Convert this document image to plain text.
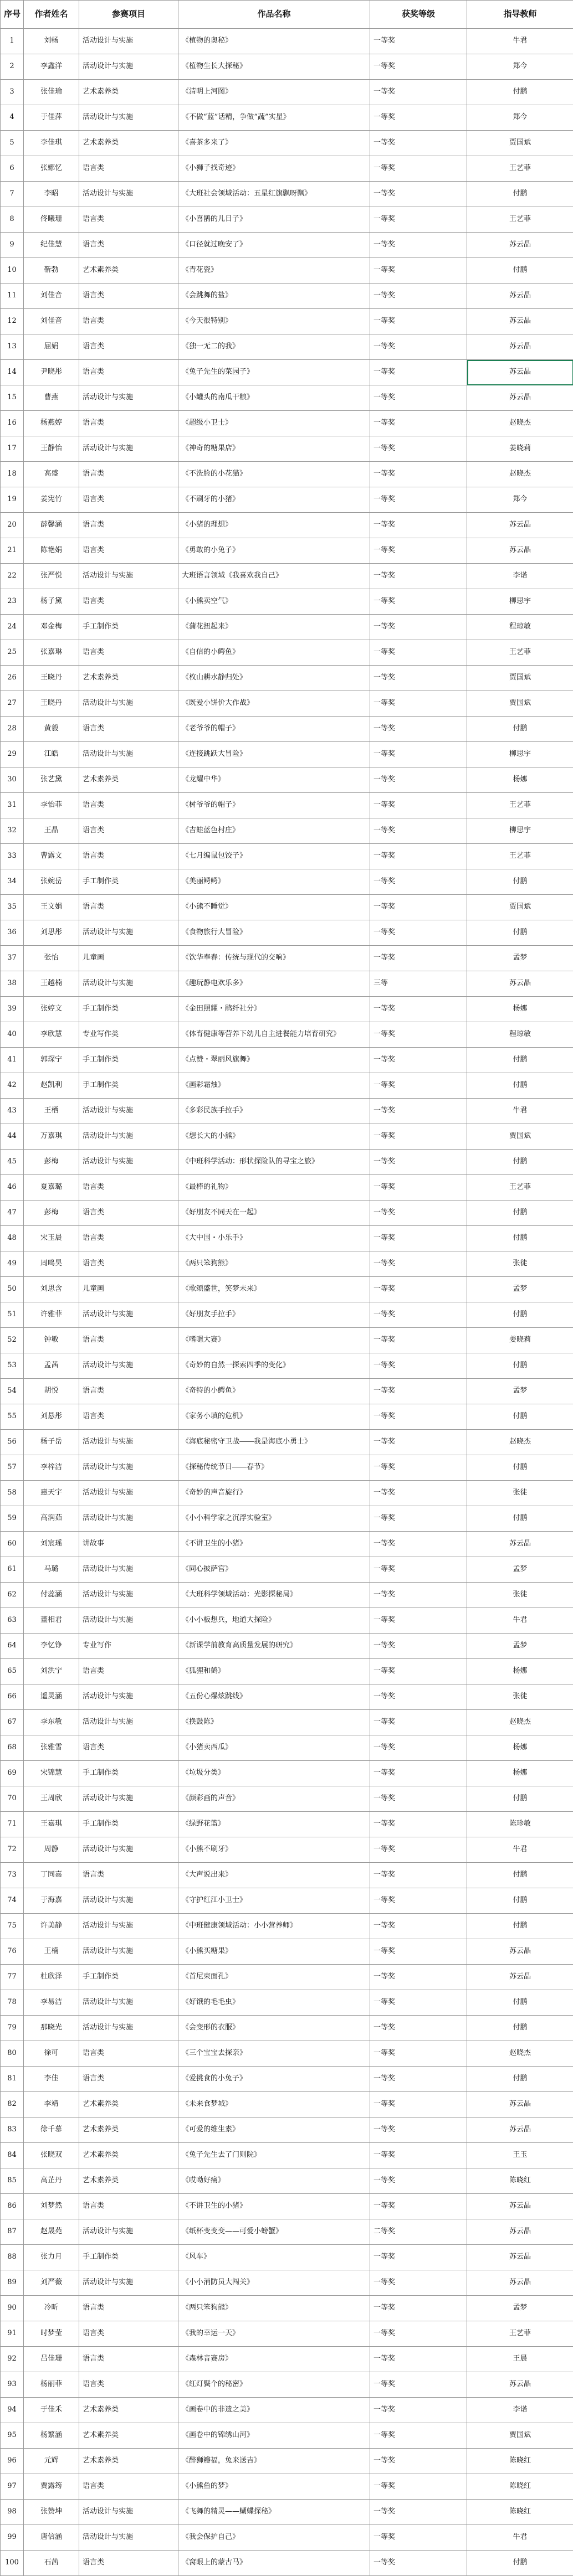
序号	作者姓名	参赛项目	作品名称	获奖等级	指导教师
1	刘畅	活动设计与实施	《植物的奥秘》	一等奖	牛君
2	李鑫洋	活动设计与实施	《植物生长大探秘》	一等奖	郑今
3	张佳瑜	艺术素养类	《清明上河图》	一等奖	付鹏
4	于佳萍	活动设计与实施	《不做“蓝”话精，争做“蔬”实星》	一等奖	郑今
5	李佳琪	艺术素养类	《喜茶多来了》	一等奖	贾国斌
6	张娜忆	语言类	《小狮子找奇迹》	一等奖	王艺菲
7	李昭	活动设计与实施	《大班社会领域活动：五星红旗飘呀飘》	一等奖	付鹏
8	佟曦珊	语言类	《小喜鹊的儿日子》	一等奖	王艺菲
9	纪佳慧	语言类	《口径就过晚安了》	一等奖	苏云晶
10	靳勃	艺术素养类	《青花瓷》	一等奖	付鹏
11	刘佳音	语言类	《会跳舞的盐》	一等奖	苏云晶
12	刘佳音	语言类	《今天很特别》	一等奖	苏云晶
13	屈娟	语言类	《独一无二的我》	一等奖	苏云晶
14	尹晓彤	语言类	《兔子先生的菜园子》	一等奖	苏云晶
15	曹燕	活动设计与实施	《小罐头的南瓜干粮》	一等奖	苏云晶
16	杨燕婷	语言类	《超级小卫士》	一等奖	赵晓杰
17	王静怡	活动设计与实施	《神奇的糖果店》	一等奖	姜晓莉
18	高盛	语言类	《不洗脸的小花猫》	一等奖	赵晓杰
19	姜宪竹	语言类	《不刷牙的小猪》	一等奖	郑今
20	薛馨涵	语言类	《小猪的理想》	一等奖	苏云晶
21	陈艳娟	语言类	《勇敢的小兔子》	一等奖	苏云晶
22	张严悦	活动设计与实施	大班语言领域《我喜欢我自己》	一等奖	李诺
23	杨子黛	语言类	《小熊卖空气》	一等奖	柳思宇
24	邓金梅	手工制作类	《蒲花扭起来》	一等奖	程琼敏
25	张嘉琳	语言类	《自信的小鳄鱼》	一等奖	王艺菲
26	王晓丹	艺术素养类	《枚山耕水静归处》	一等奖	贾国斌
27	王晓丹	活动设计与实施	《既爱小饼价大作战》	一等奖	贾国斌
28	黄毅	语言类	《老爷爷的帽子》	一等奖	付鹏
29	江皓	活动设计与实施	《连接跳跃大冒险》	一等奖	柳思宇
30	张艺黛	艺术素养类	《龙耀中华》	一等奖	杨娜
31	李怡菲	语言类	《树爷爷的帽子》	一等奖	王艺菲
32	王晶	语言类	《吉蛙蓝色村庄》	一等奖	柳思宇
33	曹露文	语言类	《七月编鼠包饺子》	一等奖	王艺菲
34	张婉岳	手工制作类	《美丽鳄鳄》	一等奖	付鹏
35	王文娟	语言类	《小熊不睡觉》	一等奖	贾国斌
36	刘思彤	活动设计与实施	《食物旅行大冒险》	一等奖	付鹏
37	张怡	儿童画	《饮华奉春：传统与现代的交响》	一等奖	孟梦
38	王越楠	活动设计与实施	《趣玩静电欢乐多》	三等	苏云晶
39	张婷文	手工制作类	《金田照耀・鹃纤社分》	一等奖	杨娜
40	李欣慧	专业写作类	《体育健康等营养下幼儿自主进餐能力培育研究》	一等奖	程琼敏
41	郭琛宁	手工制作类	《点赞・翠丽风旗舞》	一等奖	付鹏
42	赵凯利	手工制作类	《画彩霜烛》	一等奖	付鹏
43	王栖	活动设计与实施	《多彩民族手拉手》	一等奖	牛君
44	万嘉琪	活动设计与实施	《想长大的小熊》	一等奖	贾国斌
45	彭梅	活动设计与实施	《中班科学活动：形状探险队的寻宝之旅》	一等奖	付鹏
46	夏嘉璐	语言类	《最棒的礼物》	一等奖	王艺菲
47	彭梅	语言类	《好朋友不同天在一起》	一等奖	付鹏
48	宋玉晨	语言类	《大中国・小乐手》	一等奖	付鹏
49	周鸣昊	语言类	《两只笨狗熊》	一等奖	张徒
50	刘思含	儿童画	《歌颂盛世，笑梦未来》	一等奖	孟梦
51	许雅菲	活动设计与实施	《好朋友手拉手》	一等奖	付鹏
52	钟敏	语言类	《嗜嗯大赛》	一等奖	姜晓莉
53	孟茜	活动设计与实施	《奇妙的自然一探索四季的变化》	一等奖	付鹏
54	胡悦	语言类	《奇特的小鳄鱼》	一等奖	孟梦
55	刘悬彤	语言类	《家务小填的危机》	一等奖	付鹏
56	杨子岳	活动设计与实施	《海底秘密守卫战――我是海底小勇士》	一等奖	赵晓杰
57	李梓洁	活动设计与实施	《探秘传统节日――春节》	一等奖	付鹏
58	惠天宇	活动设计与实施	《奇妙的声音旋行》	一等奖	张徒
59	高润茹	活动设计与实施	《小小科学家之沉浮实验室》	一等奖	付鹏
60	刘宸瑶	讲故事	《不讲卫生的小猪》	一等奖	苏云晶
61	马璐	活动设计与实施	《同心披萨宫》	一等奖	孟梦
62	付蕊涵	活动设计与实施	《大班科学领域活动：光影探秘局》	一等奖	张徒
63	董相君	活动设计与实施	《小小板想兵，地道大探险》	一等奖	牛君
64	李忆铮	专业写作	《新课学前教育高质量发展的研究》	一等奖	孟梦
65	刘洪宁	语言类	《狐狸和鹤》	一等奖	杨娜
66	遥灵涵	活动设计与实施	《五份心爆炫跳线》	一等奖	张徒
67	李东敏	活动设计与实施	《换鼓陈》	一等奖	赵晓杰
68	张雅雪	语言类	《小猪卖西瓜》	一等奖	杨娜
69	宋锦慧	手工制作类	《垃圾分类》	一等奖	杨娜
70	王周欣	活动设计与实施	《颜彩画的声音》	一等奖	付鹏
71	王嘉琪	手工制作类	《绿野花篮》	一等奖	陈珍敏
72	周静	活动设计与实施	《小熊不刷牙》	一等奖	牛君
73	丁同嘉	语言类	《大声说出来》	一等奖	付鹏
74	于海嘉	活动设计与实施	《守护红江小卫士》	一等奖	付鹏
75	许美静	活动设计与实施	《中班健康领域活动：小小营养师》	一等奖	付鹏
76	王楠	活动设计与实施	《小熊买糖果》	一等奖	苏云晶
77	杜欣泽	手工制作类	《首尼束面孔》	一等奖	苏云晶
78	李易洁	活动设计与实施	《好饿的毛毛虫》	一等奖	付鹏
79	那晓光	活动设计与实施	《会变形的衣服》	一等奖	付鹏
80	徐可	语言类	《三个宝宝去探亲》	一等奖	赵晓杰
81	李佳	语言类	《爱挑食的小兔子》	一等奖	付鹏
82	李靖	艺术素养类	《未来食梦城》	一等奖	苏云晶
83	徐千慕	艺术素养类	《可爱的维生素》	一等奖	苏云晶
84	张晓双	艺术素养类	《兔子先生去了门则院》	一等奖	王玉
85	高芷丹	艺术素养类	《哎呦好痛》	一等奖	陈晓红
86	刘梦然	语言类	《不讲卫生的小猪》	一等奖	苏云晶
87	赵晟苑	活动设计与实施	《纸杯变变变——可爱小螃蟹》	二等奖	苏云晶
88	张力月	手工制作类	《风车》	一等奖	苏云晶
89	刘严薇	活动设计与实施	《小小消防员大闯关》	一等奖	苏云晶
90	冷昕	语言类	《两只笨狗熊》	一等奖	孟梦
91	时梦莹	语言类	《我的幸运一天》	一等奖	王艺菲
92	吕佳珊	语言类	《森林音赛房》	一等奖	王晨
93	杨丽菲	语言类	《红灯鬓个的秘密》	一等奖	苏云晶
94	于佳禾	艺术素养类	《画卷中的非遗之美》	一等奖	李诺
95	杨繁涵	艺术素养类	《画卷中的锦绣山河》	一等奖	贾国斌
96	元辉	艺术素养类	《醉狮瓣福，兔来送吉》	一等奖	陈晓红
97	贾露筠	语言类	《小熊鱼的梦》	一等奖	陈晓红
98	张赞坤	活动设计与实施	《飞舞的精灵——蝴蝶探秘》	一等奖	陈晓红
99	唐信涵	活动设计与实施	《我会保护自己》	一等奖	牛君
100	石茜	语言类	《窝眼上的蒙古马》	一等奖	付鹏
